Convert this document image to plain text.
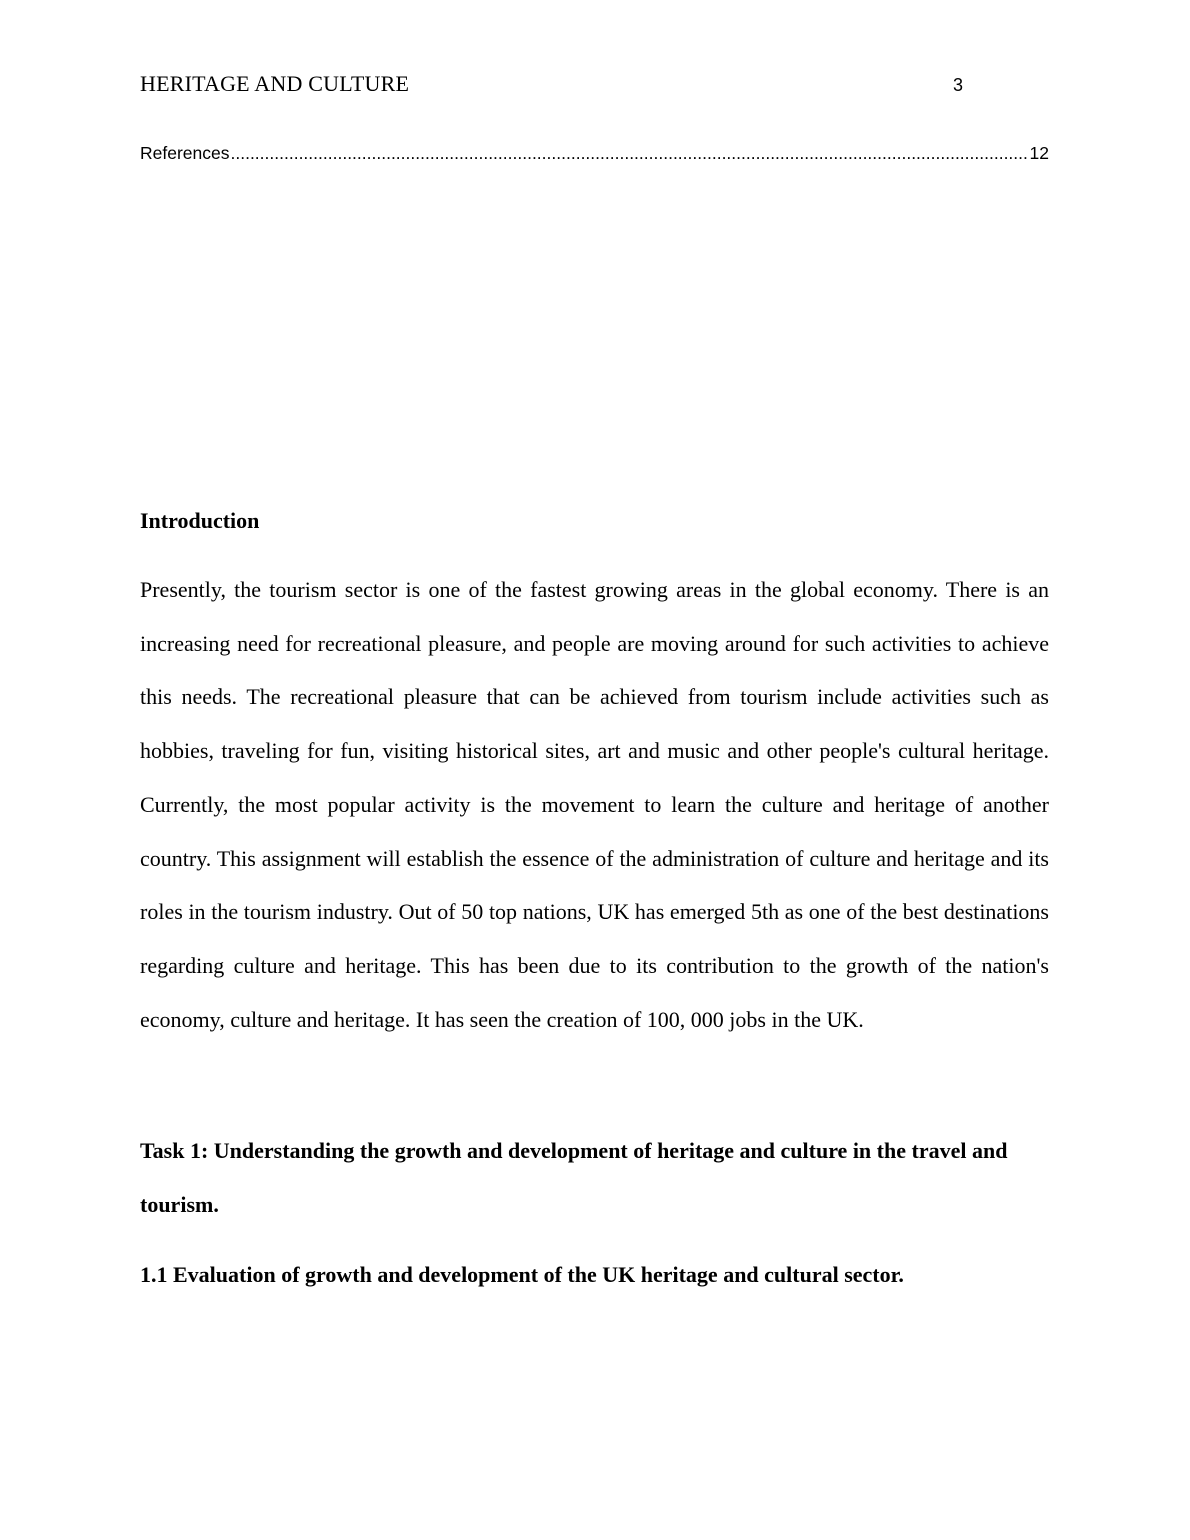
HERITAGE AND CULTURE	3
References
.....	12
Introduction

Presently, the tourism sector is one of the fastest growing areas in the global economy. There is an increasing need for recreational pleasure, and people are moving around for such activities to achieve this needs. The recreational pleasure that can be achieved from tourism include activities such as hobbies, traveling for fun, visiting historical sites, art and music and other people's cultural heritage. Currently, the most popular activity is the movement to learn the culture and heritage of another country. This assignment will establish the essence of the administration of culture and heritage and its roles in the tourism industry. Out of 50 top nations, UK has emerged 5th as one of the best destinations regarding culture and heritage. This has been due to its contribution to the growth of the nation's economy, culture and heritage. It has seen the creation of 100, 000 jobs in the UK.

Task 1: Understanding the growth and development of heritage and culture in the travel and tourism.
1.1 Evaluation of growth and development of the UK heritage and cultural sector.
